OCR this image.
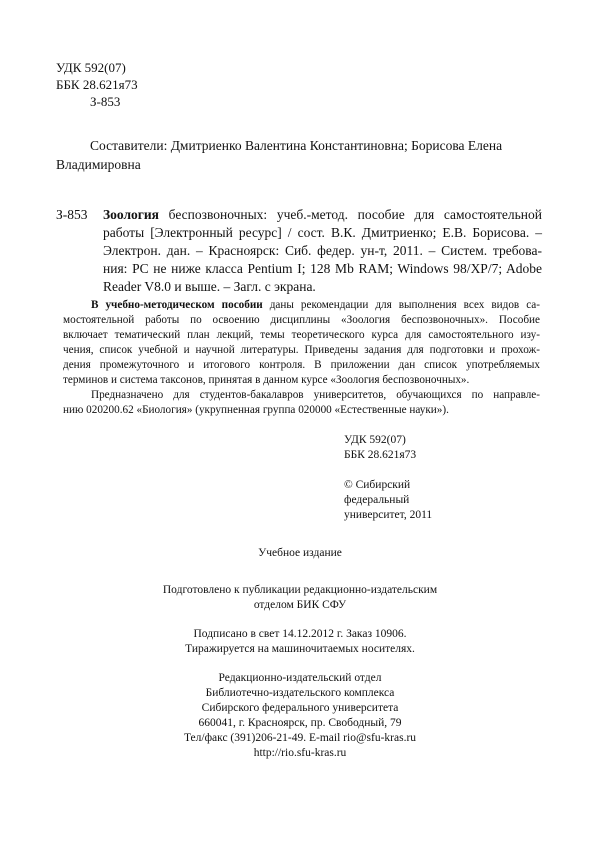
УДК 592(07)
ББК 28.621я73
З-853
Составители: Дмитриенко Валентина Константиновна; Борисова Елена
Владимировна
З-853 Зоология беспозвоночных: учеб.-метод. пособие для самостоятельной
работы [Электронный ресурс] / сост. В.К. Дмитриенко; Е.В. Борисова. –
Электрон. дан. – Красноярск: Сиб. федер. ун-т, 2011. – Систем. требова-
ния: PC не ниже класса Pentium I; 128 Mb RAM; Windows 98/XP/7; Adobe
Reader V8.0 и выше. – Загл. с экрана.
В учебно-методическом пособии даны рекомендации для выполнения всех видов са-
мостоятельной работы по освоению дисциплины «Зоология беспозвоночных». Пособие
включает тематический план лекций, темы теоретического курса для самостоятельного изу-
чения, список учебной и научной литературы. Приведены задания для подготовки и прохож-
дения промежуточного и итогового контроля. В приложении дан список употребляемых
терминов и система таксонов, принятая в данном курсе «Зоология беспозвоночных».
Предназначено для студентов-бакалавров университетов, обучающихся по направле-
нию 020200.62 «Биология» (укрупненная группа 020000 «Естественные науки»).
УДК 592(07)
ББК 28.621я73
© Сибирский
федеральный
университет, 2011
Учебное издание
Подготовлено к публикации редакционно-издательским
отделом БИК СФУ
Подписано в свет 14.12.2012 г. Заказ 10906.
Тиражируется на машиночитаемых носителях.
Редакционно-издательский отдел
Библиотечно-издательского комплекса
Сибирского федерального университета
660041, г. Красноярск, пр. Свободный, 79
Тел/факс (391)206-21-49. E-mail rio@sfu-kras.ru
http://rio.sfu-kras.ru
